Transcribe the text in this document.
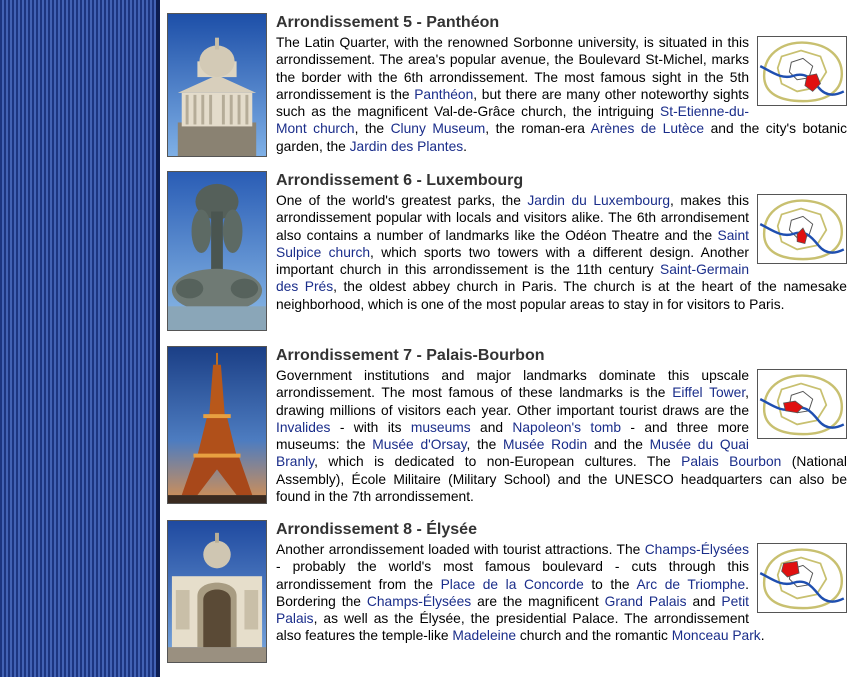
Arrondissement 5 - Panthéon

The Latin Quarter, with the renowned Sorbonne university, is situated in this arrondissement. The area's popular avenue, the Boulevard St-Michel, marks the border with the 6th arrondissement. The most famous sight in the 5th arrondissement is the Panthéon, but there are many other noteworthy sights such as the magnificent Val-de-Grâce church, the intriguing St-Etienne-du-Mont church, the Cluny Museum, the roman-era Arènes de Lutèce and the city's botanic garden, the Jardin des Plantes.

Arrondissement 6 - Luxembourg

One of the world's greatest parks, the Jardin du Luxembourg, makes this arrondissement popular with locals and visitors alike. The 6th arrondisement also contains a number of landmarks like the Odéon Theatre and the Saint Sulpice church, which sports two towers with a different design. Another important church in this arrondissement is the 11th century Saint-Germain des Prés, the oldest abbey church in Paris. The church is at the heart of the namesake neighborhood, which is one of the most popular areas to stay in for visitors to Paris.

Arrondissement 7 - Palais-Bourbon

Government institutions and major landmarks dominate this upscale arrondissement. The most famous of these landmarks is the Eiffel Tower, drawing millions of visitors each year. Other important tourist draws are the Invalides - with its museums and Napoleon's tomb - and three more museums: the Musée d'Orsay, the Musée Rodin and the Musée du Quai Branly, which is dedicated to non-European cultures. The Palais Bourbon (National Assembly), École Militaire (Military School) and the UNESCO headquarters can also be found in the 7th arrondissement.

Arrondissement 8 - Élysée

Another arrondissement loaded with tourist attractions. The Champs-Élysées - probably the world's most famous boulevard - cuts through this arrondissement from the Place de la Concorde to the Arc de Triomphe. Bordering the Champs-Élysées are the magnificent Grand Palais and Petit Palais, as well as the Élysée, the presidential Palace. The arrondissement also features the temple-like Madeleine church and the romantic Monceau Park.
